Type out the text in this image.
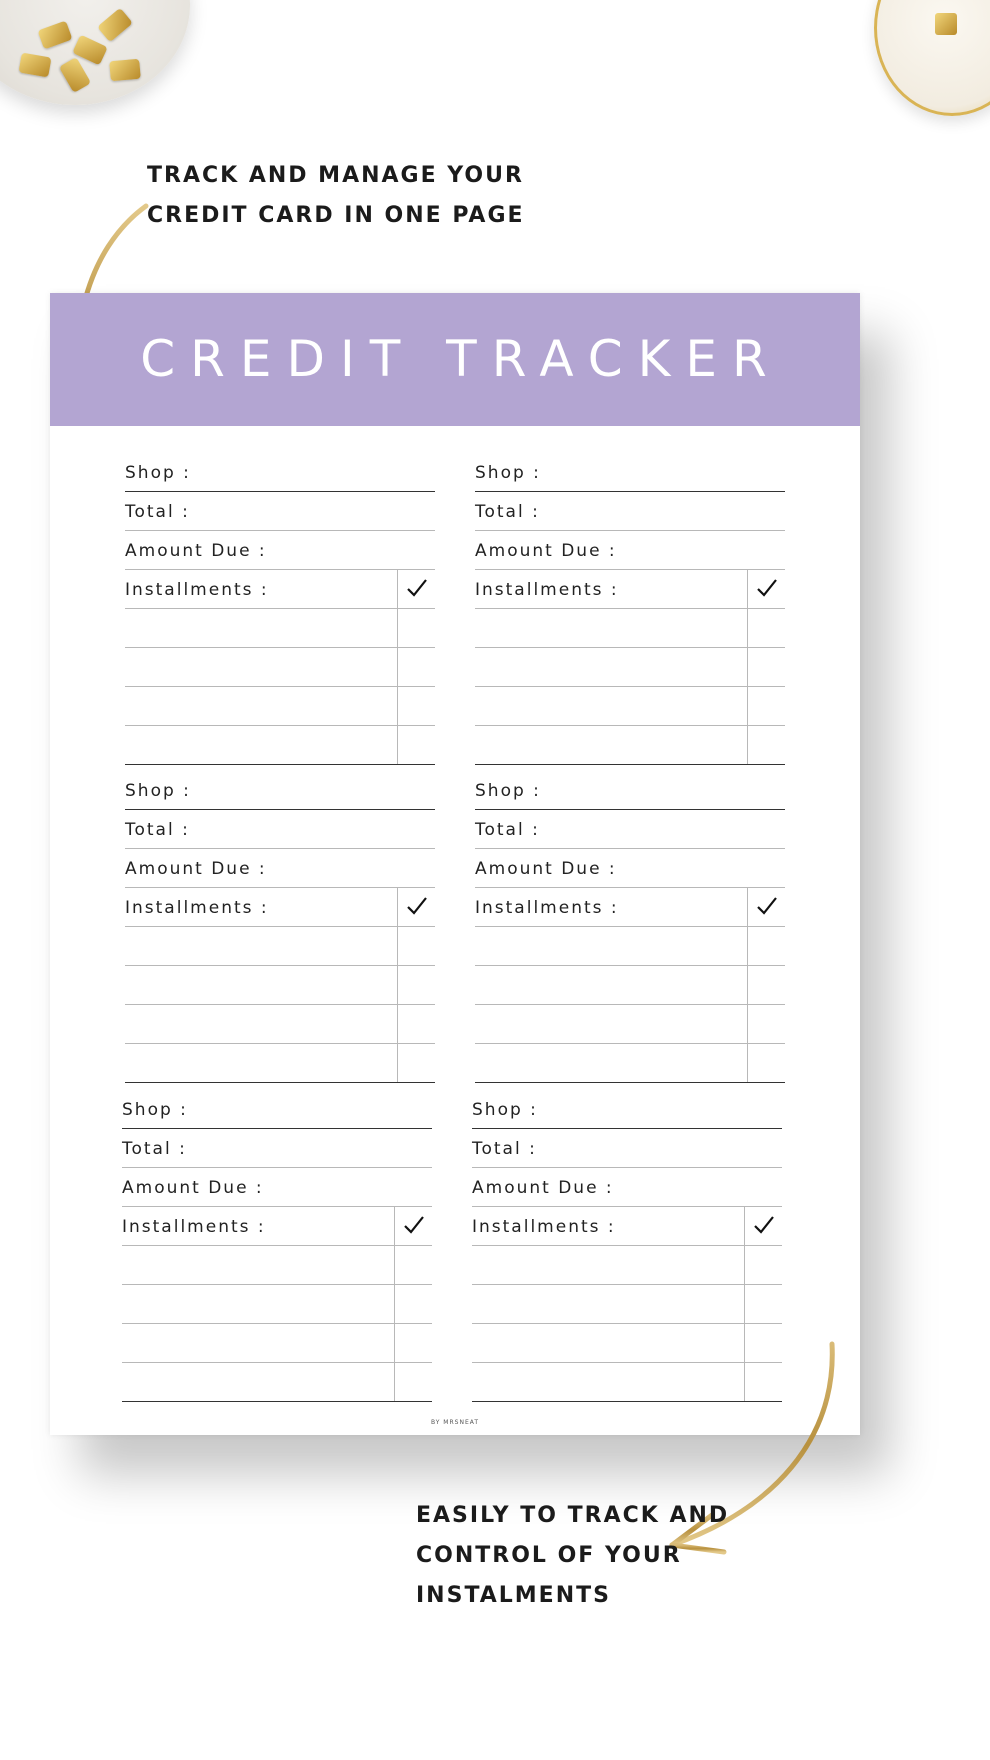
TRACK AND MANAGE YOUR
CREDIT CARD IN ONE PAGE
CREDIT TRACKER
Shop :
Total :
Amount Due :
Installments :
Shop :
Total :
Amount Due :
Installments :
Shop :
Total :
Amount Due :
Installments :
Shop :
Total :
Amount Due :
Installments :
Shop :
Total :
Amount Due :
Installments :
Shop :
Total :
Amount Due :
Installments :
BY MRSNEAT
EASILY TO TRACK AND
CONTROL OF YOUR
INSTALMENTS
